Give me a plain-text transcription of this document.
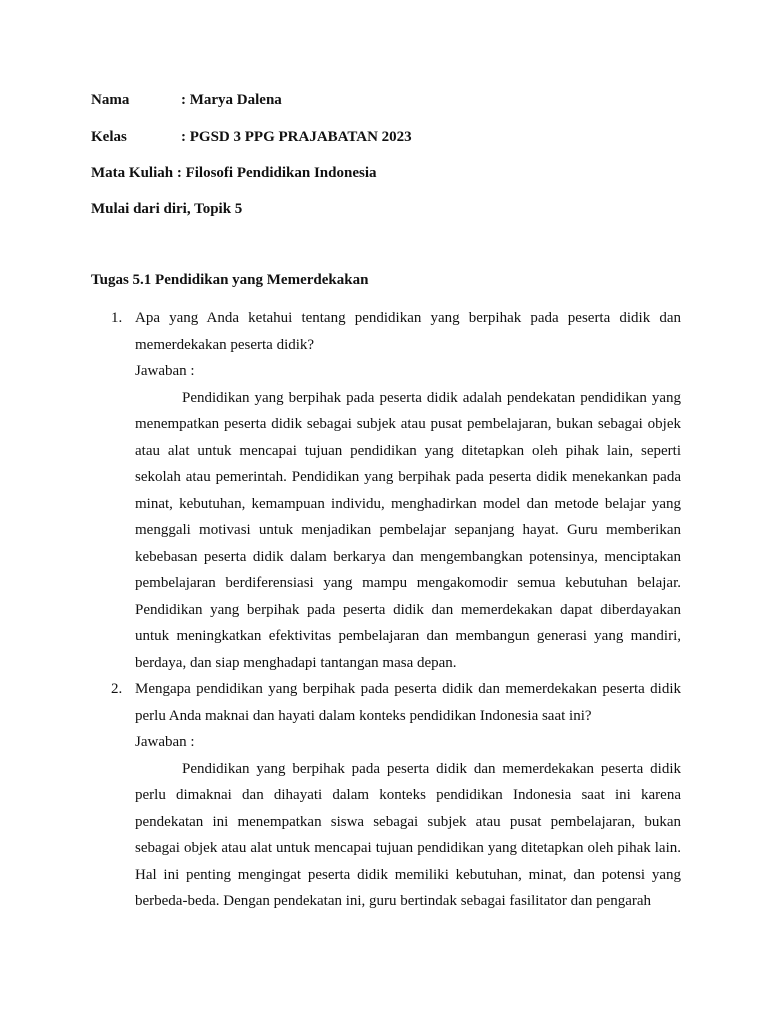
Nama	: Marya Dalena
Kelas	: PGSD 3 PPG PRAJABATAN 2023
Mata Kuliah : Filosofi Pendidikan Indonesia
Mulai dari diri, Topik 5
Tugas 5.1 Pendidikan yang Memerdekakan
1. Apa yang Anda ketahui tentang pendidikan yang berpihak pada peserta didik dan memerdekakan peserta didik?
Jawaban :
Pendidikan yang berpihak pada peserta didik adalah pendekatan pendidikan yang menempatkan peserta didik sebagai subjek atau pusat pembelajaran, bukan sebagai objek atau alat untuk mencapai tujuan pendidikan yang ditetapkan oleh pihak lain, seperti sekolah atau pemerintah. Pendidikan yang berpihak pada peserta didik menekankan pada minat, kebutuhan, kemampuan individu, menghadirkan model dan metode belajar yang menggali motivasi untuk menjadikan pembelajar sepanjang hayat. Guru memberikan kebebasan peserta didik dalam berkarya dan mengembangkan potensinya, menciptakan pembelajaran berdiferensiasi yang mampu mengakomodir semua kebutuhan belajar. Pendidikan yang berpihak pada peserta didik dan memerdekakan dapat diberdayakan untuk meningkatkan efektivitas pembelajaran dan membangun generasi yang mandiri, berdaya, dan siap menghadapi tantangan masa depan.
2. Mengapa pendidikan yang berpihak pada peserta didik dan memerdekakan peserta didik perlu Anda maknai dan hayati dalam konteks pendidikan Indonesia saat ini?
Jawaban :
Pendidikan yang berpihak pada peserta didik dan memerdekakan peserta didik perlu dimaknai dan dihayati dalam konteks pendidikan Indonesia saat ini karena pendekatan ini menempatkan siswa sebagai subjek atau pusat pembelajaran, bukan sebagai objek atau alat untuk mencapai tujuan pendidikan yang ditetapkan oleh pihak lain. Hal ini penting mengingat peserta didik memiliki kebutuhan, minat, dan potensi yang berbeda-beda. Dengan pendekatan ini, guru bertindak sebagai fasilitator dan pengarah
